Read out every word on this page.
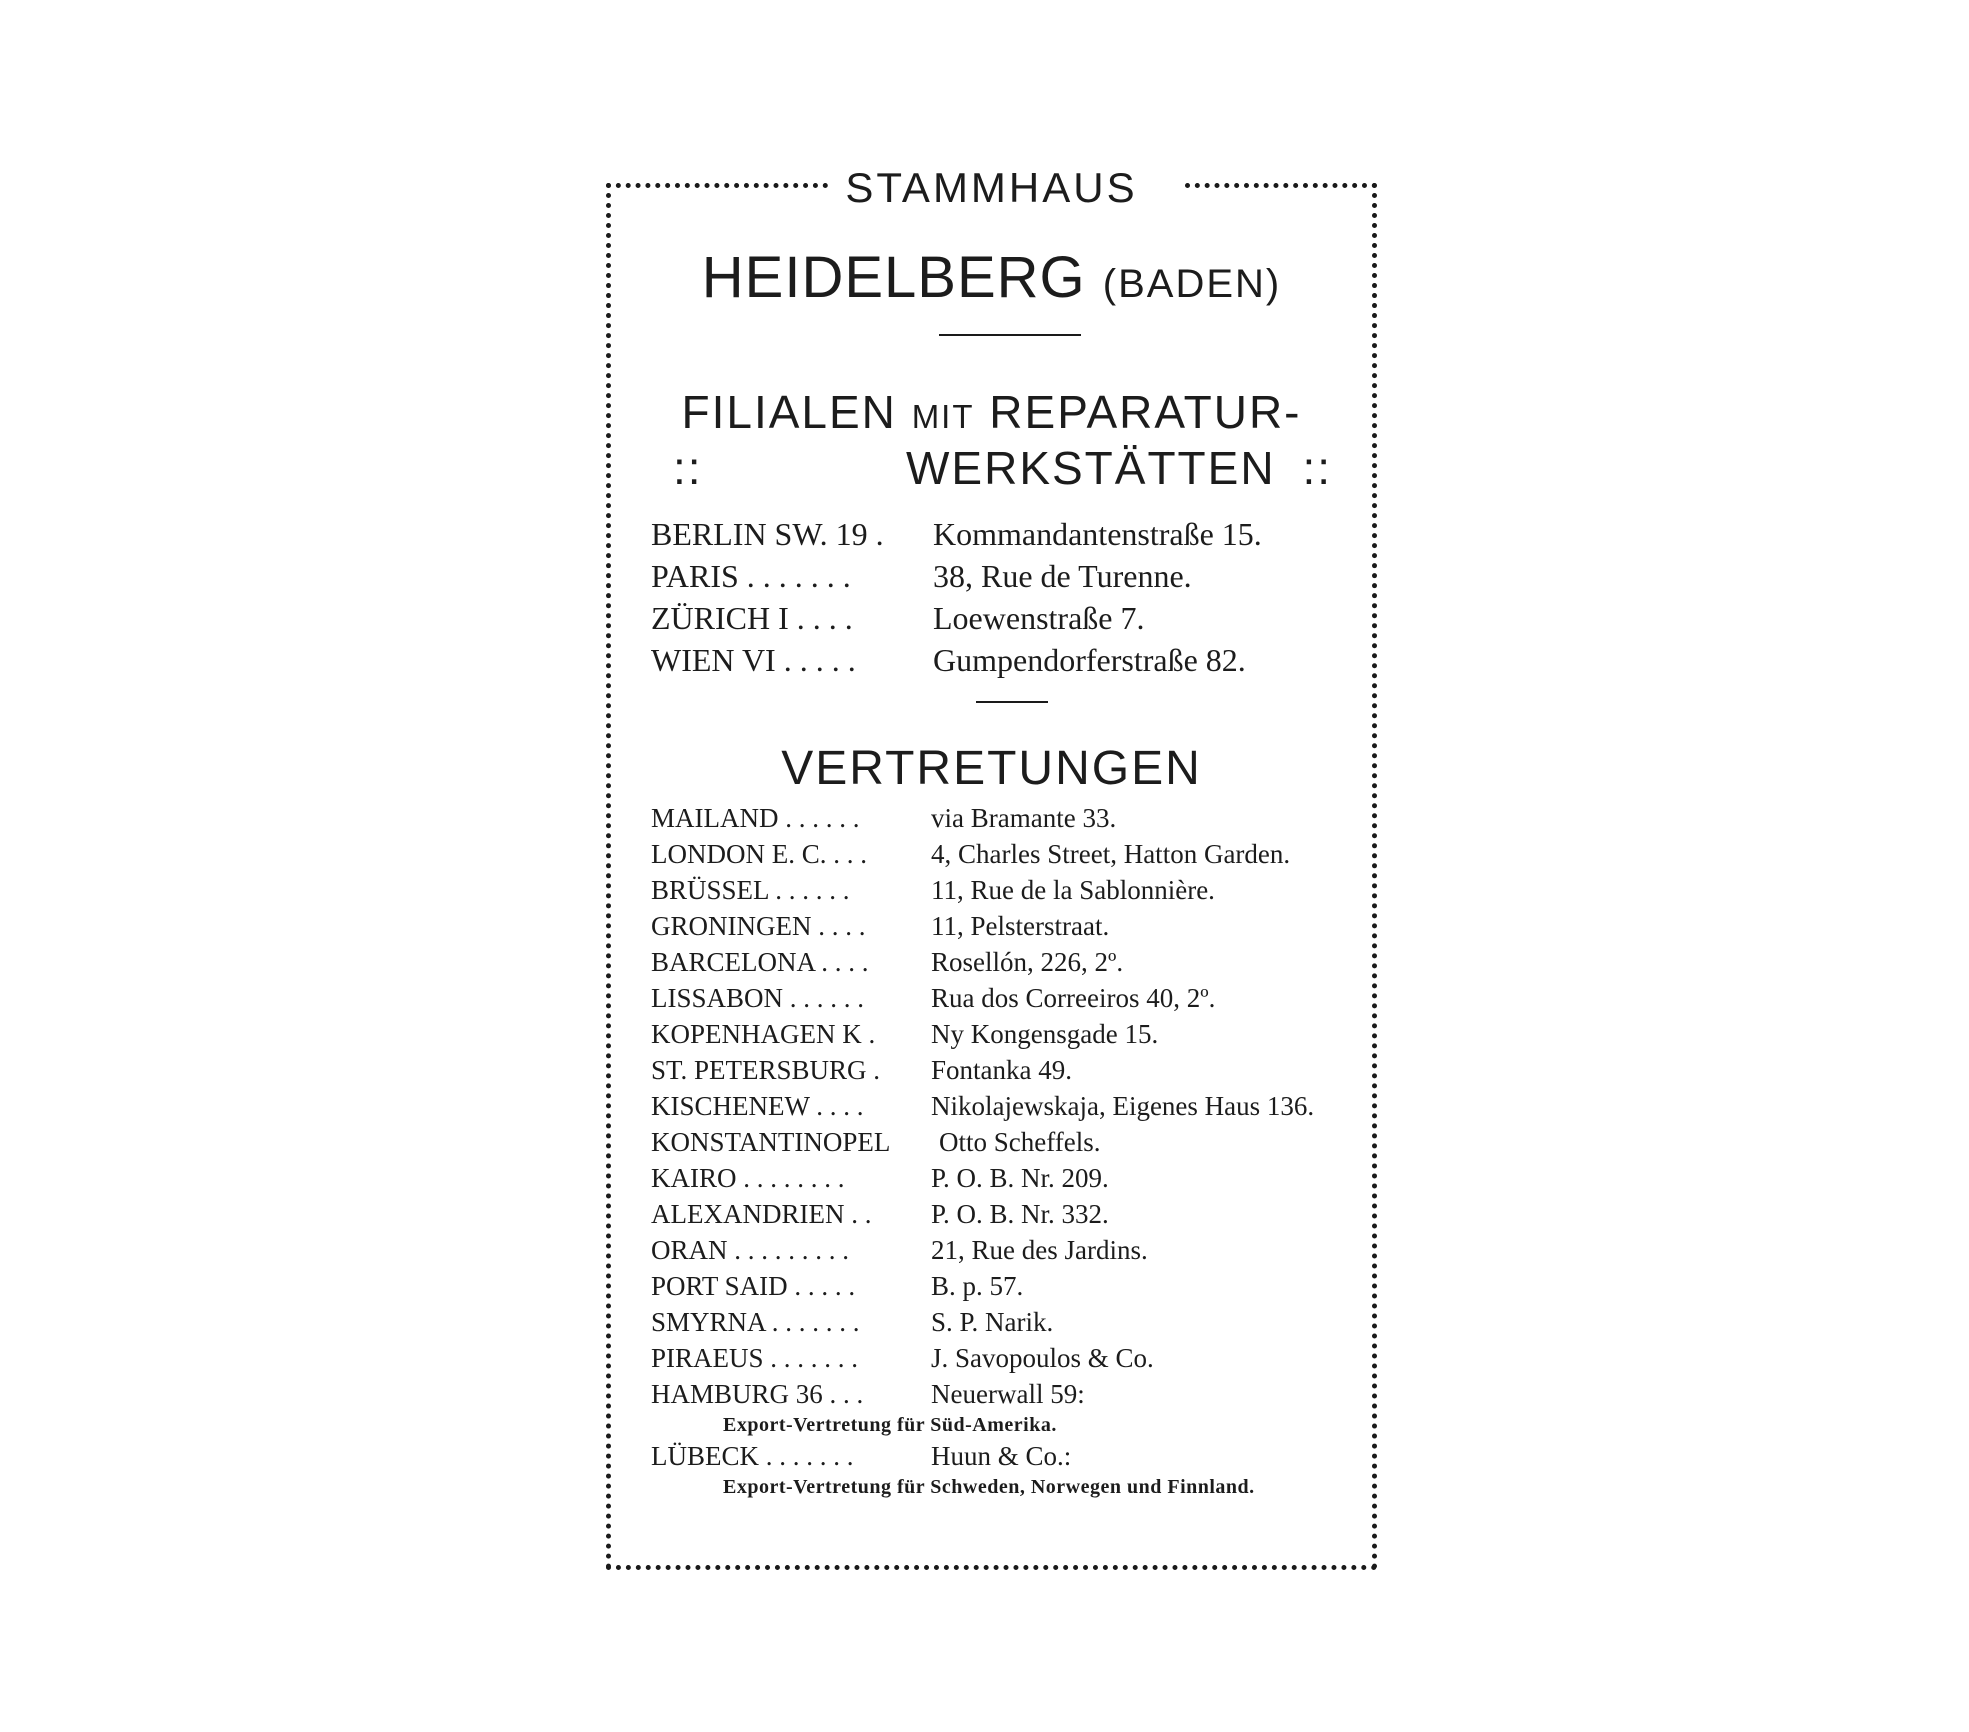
STAMMHAUS
HEIDELBERG (BADEN)
FILIALEN MIT REPARATUR-
::	WERKSTÄTTEN ::
BERLIN SW. 19 . Kommandantenstraße 15.
PARIS . . . . . . .	38, Rue de Turenne.
ZÜRICH I . . . .	Loewenstraße 7.
WIEN VI . . . . . Gumpendorferstraße 82.
VERTRETUNGEN
MAILAND . . . . . .	via Bramante 33.
LONDON E. C. . . . 4, Charles Street, Hatton Garden.
BRÜSSEL . . . . . .	11, Rue de la Sablonnière.
GRONINGEN . . . . 11, Pelsterstraat.
BARCELONA . . . . Rosellón, 226, 2º.
LISSABON . . . . . . Rua dos Correeiros 40, 2º.
KOPENHAGEN K . Ny Kongensgade 15.
ST. PETERSBURG . Fontanka 49.
KISCHENEW . . . .	Nikolajewskaja, Eigenes Haus 136.
KONSTANTINOPEL Otto Scheffels.
KAIRO . . . . . . . .	P. O. B. Nr. 209.
ALEXANDRIEN . . P. O. B. Nr. 332.
ORAN . . . . . . . . .	21, Rue des Jardins.
PORT SAID . . . . .	B. p. 57.
SMYRNA . . . . . . .	S. P. Narik.
PIRAEUS . . . . . . .	J. Savopoulos & Co.
HAMBURG 36 . . .	Neuerwall 59:
Export-Vertretung für Süd-Amerika.
LÜBECK . . . . . . .	Huun & Co.:
Export-Vertretung für Schweden, Norwegen und Finnland.
